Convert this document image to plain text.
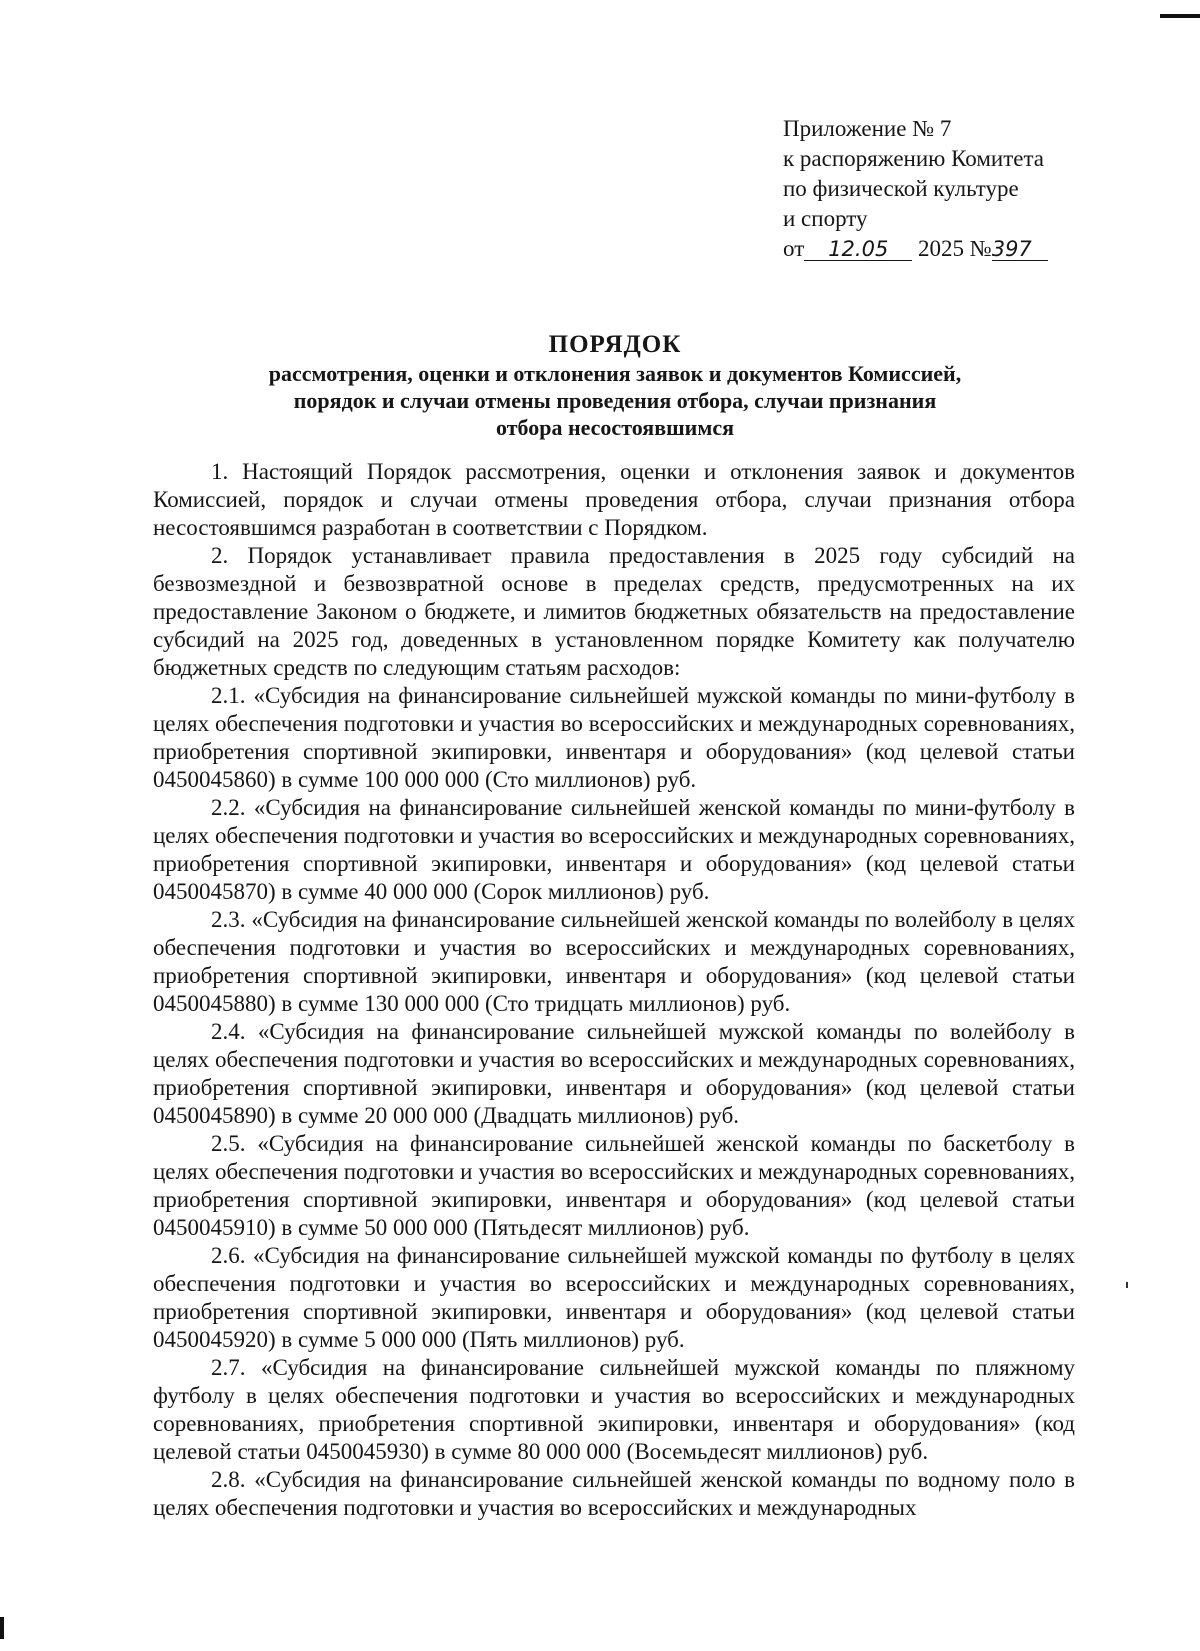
Приложение № 7
к распоряжению Комитета
по физической культуре
и спорту
от 12.05 2025 №397
ПОРЯДОК
рассмотрения, оценки и отклонения заявок и документов Комиссией,
порядок и случаи отмены проведения отбора, случаи признания
отбора несостоявшимся

1. Настоящий Порядок рассмотрения, оценки и отклонения заявок и документов Комиссией, порядок и случаи отмены проведения отбора, случаи признания отбора несостоявшимся разработан в соответствии с Порядком.

2. Порядок устанавливает правила предоставления в 2025 году субсидий на безвозмездной и безвозвратной основе в пределах средств, предусмотренных на их предоставление Законом о бюджете, и лимитов бюджетных обязательств на предоставление субсидий на 2025 год, доведенных в установленном порядке Комитету как получателю бюджетных средств по следующим статьям расходов:

2.1. «Субсидия на финансирование сильнейшей мужской команды по мини-футболу в целях обеспечения подготовки и участия во всероссийских и международных соревнованиях, приобретения спортивной экипировки, инвентаря и оборудования» (код целевой статьи 0450045860) в сумме 100 000 000 (Сто миллионов) руб.

2.2. «Субсидия на финансирование сильнейшей женской команды по мини-футболу в целях обеспечения подготовки и участия во всероссийских и международных соревнованиях, приобретения спортивной экипировки, инвентаря и оборудования» (код целевой статьи 0450045870) в сумме 40 000 000 (Сорок миллионов) руб.

2.3. «Субсидия на финансирование сильнейшей женской команды по волейболу в целях обеспечения подготовки и участия во всероссийских и международных соревнованиях, приобретения спортивной экипировки, инвентаря и оборудования» (код целевой статьи 0450045880) в сумме 130 000 000 (Сто тридцать миллионов) руб.

2.4. «Субсидия на финансирование сильнейшей мужской команды по волейболу в целях обеспечения подготовки и участия во всероссийских и международных соревнованиях, приобретения спортивной экипировки, инвентаря и оборудования» (код целевой статьи 0450045890) в сумме 20 000 000 (Двадцать миллионов) руб.

2.5. «Субсидия на финансирование сильнейшей женской команды по баскетболу в целях обеспечения подготовки и участия во всероссийских и международных соревнованиях, приобретения спортивной экипировки, инвентаря и оборудования» (код целевой статьи 0450045910) в сумме 50 000 000 (Пятьдесят миллионов) руб.

2.6. «Субсидия на финансирование сильнейшей мужской команды по футболу в целях обеспечения подготовки и участия во всероссийских и международных соревнованиях, приобретения спортивной экипировки, инвентаря и оборудования» (код целевой статьи 0450045920) в сумме 5 000 000 (Пять миллионов) руб.

2.7. «Субсидия на финансирование сильнейшей мужской команды по пляжному футболу в целях обеспечения подготовки и участия во всероссийских и международных соревнованиях, приобретения спортивной экипировки, инвентаря и оборудования» (код целевой статьи 0450045930) в сумме 80 000 000 (Восемьдесят миллионов) руб.

2.8. «Субсидия на финансирование сильнейшей женской команды по водному поло в целях обеспечения подготовки и участия во всероссийских и международных
